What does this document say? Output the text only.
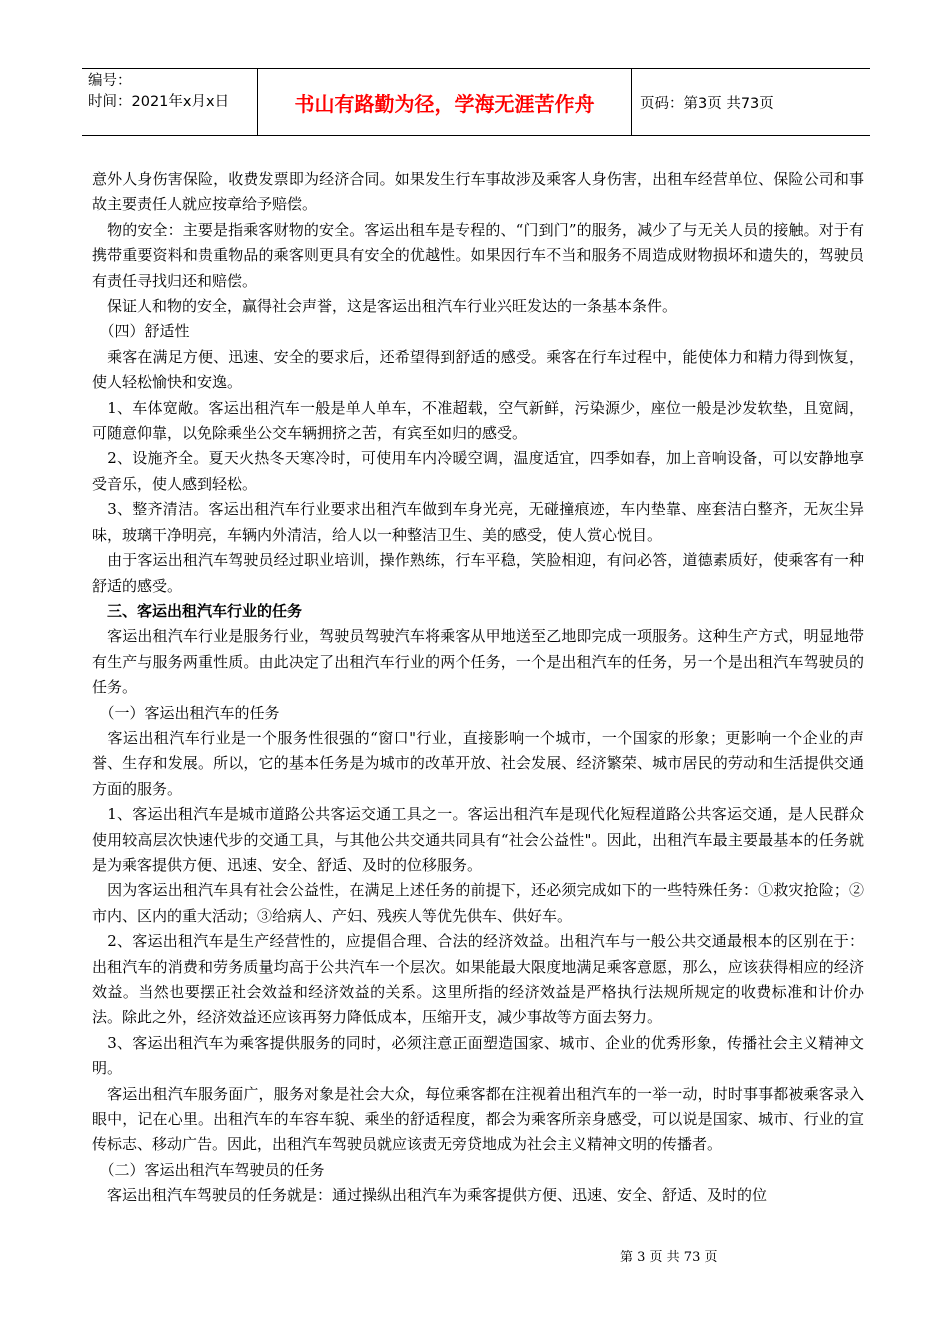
编号：
时间：2021年x月x日	书山有路勤为径，学海无涯苦作舟	页码：第3页 共73页

意外人身伤害保险，收费发票即为经济合同。如果发生行车事故涉及乘客人身伤害，出租车经营单位、保险公司和事故主要责任人就应按章给予赔偿。

　物的安全：主要是指乘客财物的安全。客运出租车是专程的、“门到门”的服务，减少了与无关人员的接触。对于有携带重要资料和贵重物品的乘客则更具有安全的优越性。如果因行车不当和服务不周造成财物损坏和遗失的，驾驶员有责任寻找归还和赔偿。

　保证人和物的安全，赢得社会声誉，这是客运出租汽车行业兴旺发达的一条基本条件。

　（四）舒适性

　乘客在满足方便、迅速、安全的要求后，还希望得到舒适的感受。乘客在行车过程中，能使体力和精力得到恢复，使人轻松愉快和安逸。

　1、车体宽敞。客运出租汽车一般是单人单车，不准超载，空气新鲜，污染源少，座位一般是沙发软垫，且宽阔，可随意仰靠，以免除乘坐公交车辆拥挤之苦，有宾至如归的感受。

　2、设施齐全。夏天火热冬天寒冷时，可使用车内冷暖空调，温度适宜，四季如春，加上音响设备，可以安静地享受音乐，使人感到轻松。

　3、整齐清洁。客运出租汽车行业要求出租汽车做到车身光亮，无碰撞痕迹，车内垫靠、座套洁白整齐，无灰尘异味，玻璃干净明亮，车辆内外清洁，给人以一种整洁卫生、美的感受，使人赏心悦目。

　由于客运出租汽车驾驶员经过职业培训，操作熟练，行车平稳，笑脸相迎，有问必答，道德素质好，使乘客有一种舒适的感受。

　三、客运出租汽车行业的任务

　客运出租汽车行业是服务行业，驾驶员驾驶汽车将乘客从甲地送至乙地即完成一项服务。这种生产方式，明显地带有生产与服务两重性质。由此决定了出租汽车行业的两个任务，一个是出租汽车的任务，另一个是出租汽车驾驶员的任务。

　（一）客运出租汽车的任务

　客运出租汽车行业是一个服务性很强的“窗口"行业，直接影响一个城市，一个国家的形象；更影响一个企业的声誉、生存和发展。所以，它的基本任务是为城市的改革开放、社会发展、经济繁荣、城市居民的劳动和生活提供交通方面的服务。

　1、客运出租汽车是城市道路公共客运交通工具之一。客运出租汽车是现代化短程道路公共客运交通，是人民群众使用较高层次快速代步的交通工具，与其他公共交通共同具有“社会公益性"。因此，出租汽车最主要最基本的任务就是为乘客提供方便、迅速、安全、舒适、及时的位移服务。

　因为客运出租汽车具有社会公益性，在满足上述任务的前提下，还必须完成如下的一些特殊任务：①救灾抢险；②市内、区内的重大活动；③给病人、产妇、残疾人等优先供车、供好车。

　2、客运出租汽车是生产经营性的，应提倡合理、合法的经济效益。出租汽车与一般公共交通最根本的区别在于：出租汽车的消费和劳务质量均高于公共汽车一个层次。如果能最大限度地满足乘客意愿，那么，应该获得相应的经济效益。当然也要摆正社会效益和经济效益的关系。这里所指的经济效益是严格执行法规所规定的收费标准和计价办法。除此之外，经济效益还应该再努力降低成本，压缩开支，减少事故等方面去努力。

　3、客运出租汽车为乘客提供服务的同时，必须注意正面塑造国家、城市、企业的优秀形象，传播社会主义精神文明。

　客运出租汽车服务面广，服务对象是社会大众，每位乘客都在注视着出租汽车的一举一动，时时事事都被乘客录入眼中，记在心里。出租汽车的车容车貌、乘坐的舒适程度，都会为乘客所亲身感受，可以说是国家、城市、行业的宣传标志、移动广告。因此，出租汽车驾驶员就应该责无旁贷地成为社会主义精神文明的传播者。

　（二）客运出租汽车驾驶员的任务

　客运出租汽车驾驶员的任务就是：通过操纵出租汽车为乘客提供方便、迅速、安全、舒适、及时的位

第 3 页 共 73 页
